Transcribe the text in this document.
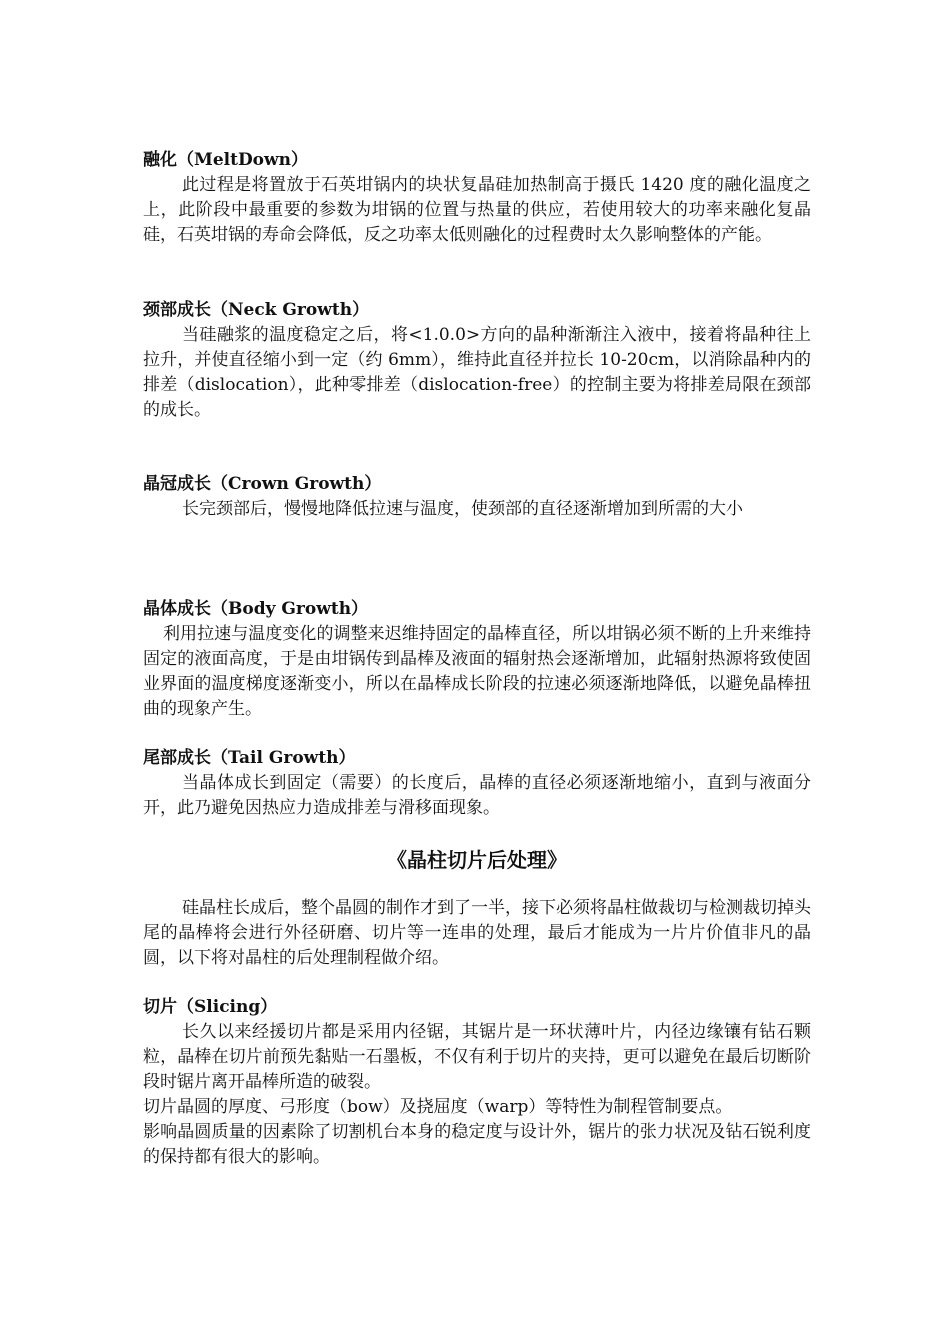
融化（MeltDown）

此过程是将置放于石英坩锅内的块状复晶硅加热制高于摄氏 1420 度的融化温度之上，此阶段中最重要的参数为坩锅的位置与热量的供应，若使用较大的功率来融化复晶硅，石英坩锅的寿命会降低，反之功率太低则融化的过程费时太久影响整体的产能。

颈部成长（Neck Growth）

当硅融浆的温度稳定之后，将<1.0.0>方向的晶种渐渐注入液中，接着将晶种往上拉升，并使直径缩小到一定（约 6mm），维持此直径并拉长 10-20cm，以消除晶种内的排差（dislocation），此种零排差（dislocation-free）的控制主要为将排差局限在颈部的成长。

晶冠成长（Crown Growth）

长完颈部后，慢慢地降低拉速与温度，使颈部的直径逐渐增加到所需的大小

晶体成长（Body Growth）

利用拉速与温度变化的调整来迟维持固定的晶棒直径，所以坩锅必须不断的上升来维持固定的液面高度，于是由坩锅传到晶棒及液面的辐射热会逐渐增加，此辐射热源将致使固业界面的温度梯度逐渐变小，所以在晶棒成长阶段的拉速必须逐渐地降低，以避免晶棒扭曲的现象产生。

尾部成长（Tail Growth）

当晶体成长到固定（需要）的长度后，晶棒的直径必须逐渐地缩小，直到与液面分开，此乃避免因热应力造成排差与滑移面现象。

《晶柱切片后处理》

硅晶柱长成后，整个晶圆的制作才到了一半，接下必须将晶柱做裁切与检测裁切掉头尾的晶棒将会进行外径研磨、切片等一连串的处理，最后才能成为一片片价值非凡的晶圆，以下将对晶柱的后处理制程做介绍。

切片（Slicing）

长久以来经援切片都是采用内径锯，其锯片是一环状薄叶片，内径边缘镶有钻石颗粒，晶棒在切片前预先黏贴一石墨板，不仅有利于切片的夹持，更可以避免在最后切断阶段时锯片离开晶棒所造的破裂。

切片晶圆的厚度、弓形度（bow）及挠屈度（warp）等特性为制程管制要点。

影响晶圆质量的因素除了切割机台本身的稳定度与设计外，锯片的张力状况及钻石锐利度的保持都有很大的影响。
